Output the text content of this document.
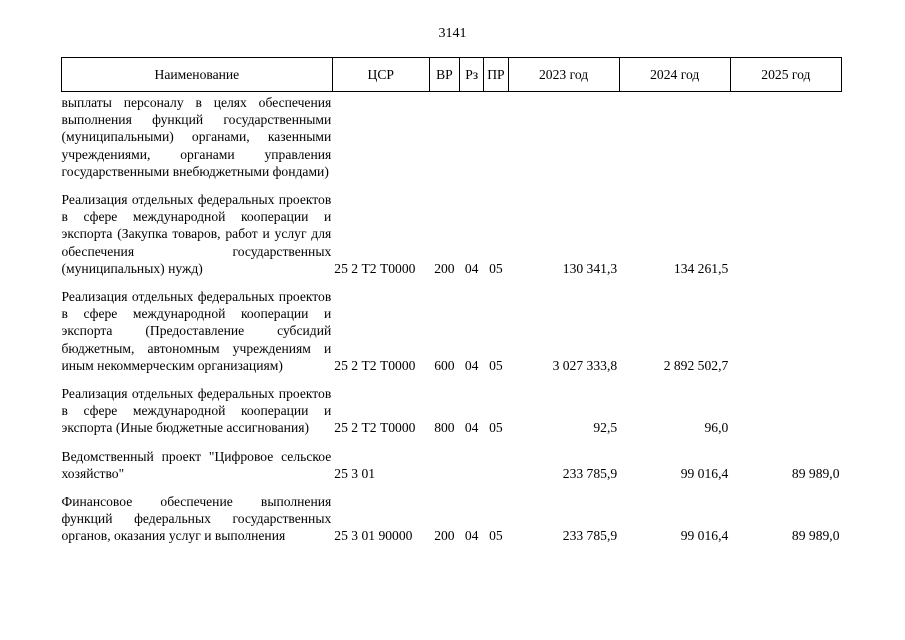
3141
Наименование	ЦСР	ВР	Рз	ПР	2023 год	2024 год	2025 год
выплаты персоналу в целях обеспечения выполнения функций государственными (муниципальными) органами, казенными учреждениями, органами управления государственными внебюджетными фондами)							
Реализация отдельных федеральных проектов в сфере международной кооперации и экспорта (Закупка товаров, работ и услуг для обеспечения государственных (муниципальных) нужд)	25 2 Т2 Т0000	200	04	05	130 341,3	134 261,5	
Реализация отдельных федеральных проектов в сфере международной кооперации и экспорта (Предоставление субсидий бюджетным, автономным учреждениям и иным некоммерческим организациям)	25 2 Т2 Т0000	600	04	05	3 027 333,8	2 892 502,7	
Реализация отдельных федеральных проектов в сфере международной кооперации и экспорта (Иные бюджетные ассигнования)	25 2 Т2 Т0000	800	04	05	92,5	96,0	
Ведомственный проект "Цифровое сельское хозяйство"	25 3 01				233 785,9	99 016,4	89 989,0
Финансовое обеспечение выполнения функций федеральных государственных органов, оказания услуг и выполнения	25 3 01 90000	200	04	05	233 785,9	99 016,4	89 989,0
